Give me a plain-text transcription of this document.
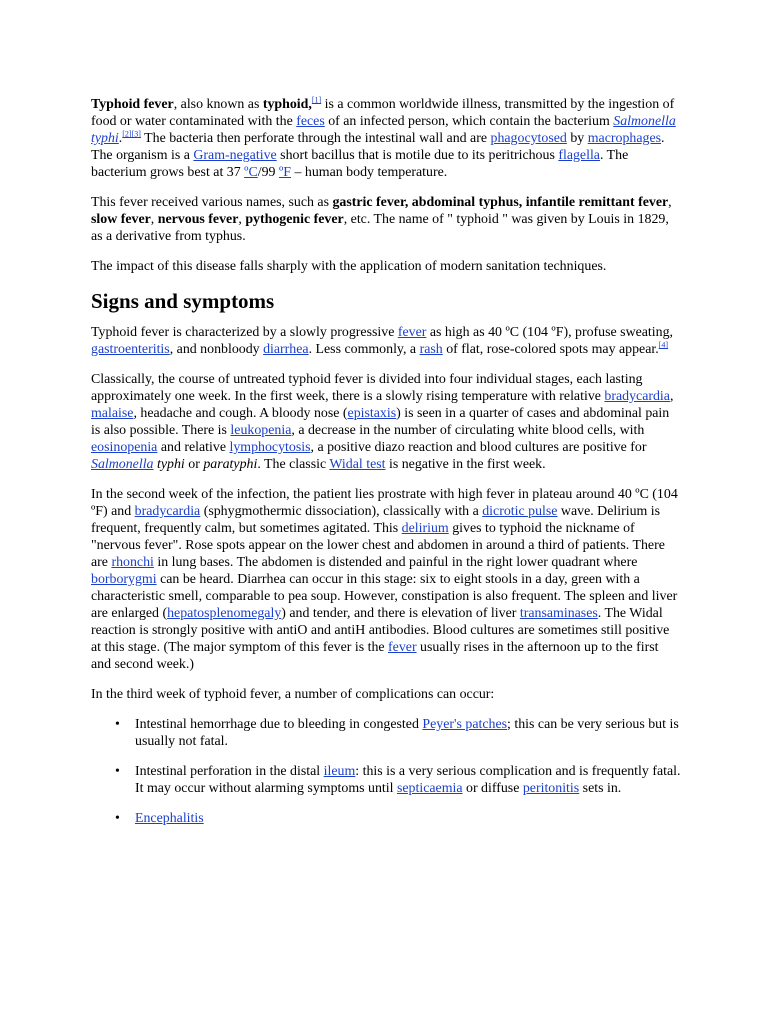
Typhoid fever, also known as typhoid,[1] is a common worldwide illness, transmitted by the ingestion of food or water contaminated with the feces of an infected person, which contain the bacterium Salmonella typhi.[2][3] The bacteria then perforate through the intestinal wall and are phagocytosed by macrophages. The organism is a Gram-negative short bacillus that is motile due to its peritrichous flagella. The bacterium grows best at 37 ºC/99 ºF – human body temperature.

This fever received various names, such as gastric fever, abdominal typhus, infantile remittant fever, slow fever, nervous fever, pythogenic fever, etc. The name of " typhoid " was given by Louis in 1829, as a derivative from typhus.

The impact of this disease falls sharply with the application of modern sanitation techniques.

Signs and symptoms

Typhoid fever is characterized by a slowly progressive fever as high as 40 ºC (104 ºF), profuse sweating, gastroenteritis, and nonbloody diarrhea. Less commonly, a rash of flat, rose-colored spots may appear.[4]

Classically, the course of untreated typhoid fever is divided into four individual stages, each lasting approximately one week. In the first week, there is a slowly rising temperature with relative bradycardia, malaise, headache and cough. A bloody nose (epistaxis) is seen in a quarter of cases and abdominal pain is also possible. There is leukopenia, a decrease in the number of circulating white blood cells, with eosinopenia and relative lymphocytosis, a positive diazo reaction and blood cultures are positive for Salmonella typhi or paratyphi. The classic Widal test is negative in the first week.

In the second week of the infection, the patient lies prostrate with high fever in plateau around 40 ºC (104 ºF) and bradycardia (sphygmothermic dissociation), classically with a dicrotic pulse wave. Delirium is frequent, frequently calm, but sometimes agitated. This delirium gives to typhoid the nickname of "nervous fever". Rose spots appear on the lower chest and abdomen in around a third of patients. There are rhonchi in lung bases. The abdomen is distended and painful in the right lower quadrant where borborygmi can be heard. Diarrhea can occur in this stage: six to eight stools in a day, green with a characteristic smell, comparable to pea soup. However, constipation is also frequent. The spleen and liver are enlarged (hepatosplenomegaly) and tender, and there is elevation of liver transaminases. The Widal reaction is strongly positive with antiO and antiH antibodies. Blood cultures are sometimes still positive at this stage. (The major symptom of this fever is the fever usually rises in the afternoon up to the first and second week.)

In the third week of typhoid fever, a number of complications can occur:

• Intestinal hemorrhage due to bleeding in congested Peyer's patches; this can be very serious but is usually not fatal.
• Intestinal perforation in the distal ileum: this is a very serious complication and is frequently fatal. It may occur without alarming symptoms until septicaemia or diffuse peritonitis sets in.
• Encephalitis
